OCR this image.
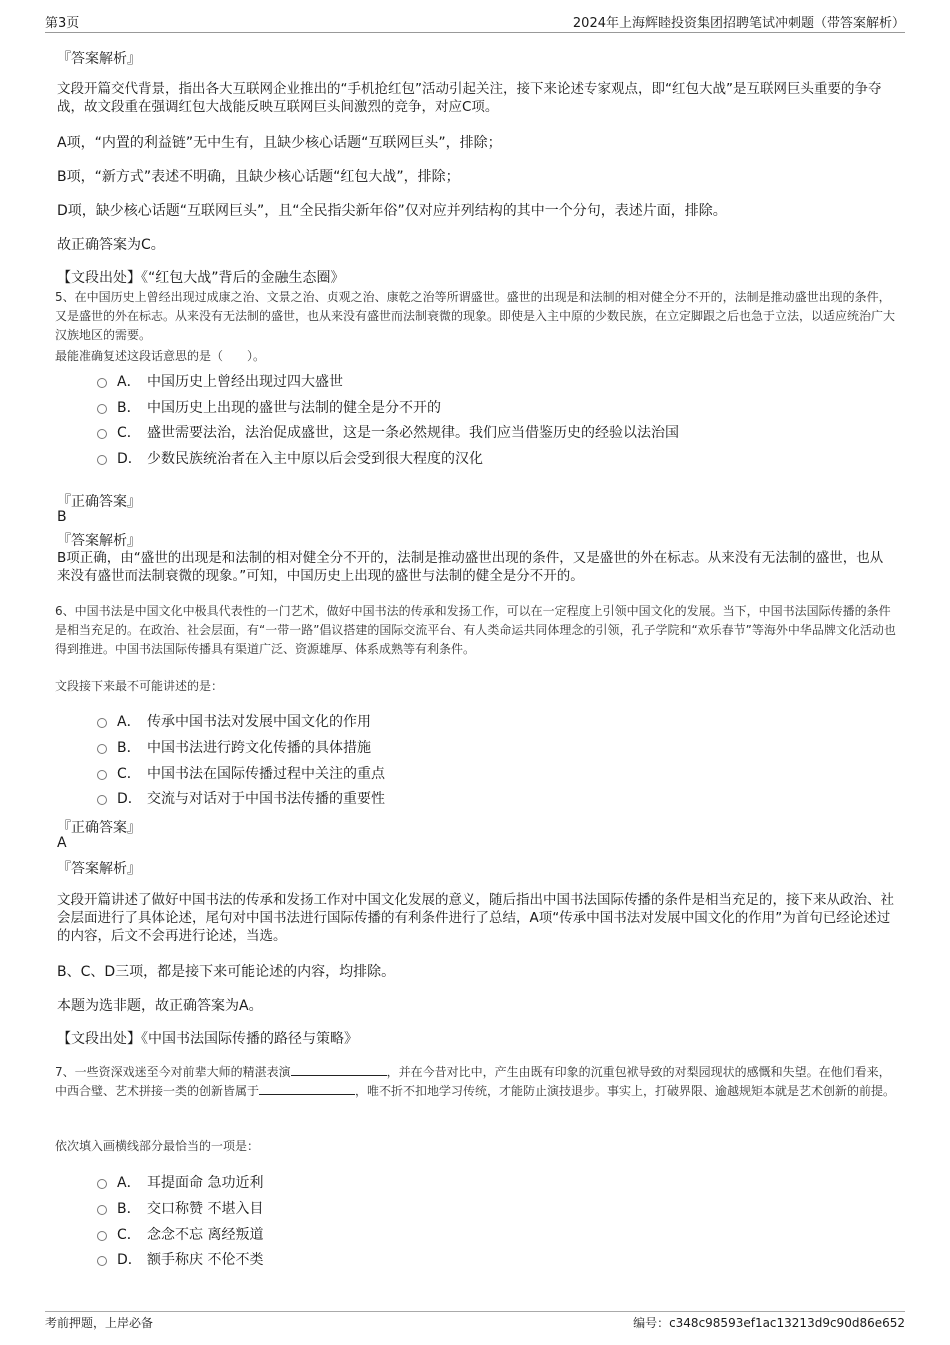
第3页	2024年上海辉睦投资集团招聘笔试冲刺题（带答案解析）
『答案解析』
文段开篇交代背景，指出各大互联网企业推出的“手机抢红包”活动引起关注，接下来论述专家观点，即“红包大战”是互联网巨头重要的争夺战，故文段重在强调红包大战能反映互联网巨头间激烈的竞争，对应C项。
A项，“内置的利益链”无中生有，且缺少核心话题“互联网巨头”，排除；
B项，“新方式”表述不明确，且缺少核心话题“红包大战”，排除；
D项，缺少核心话题“互联网巨头”，且“全民指尖新年俗”仅对应并列结构的其中一个分句，表述片面，排除。
故正确答案为C。
【文段出处】《“红包大战”背后的金融生态圈》
5、在中国历史上曾经出现过成康之治、文景之治、贞观之治、康乾之治等所谓盛世。盛世的出现是和法制的相对健全分不开的，法制是推动盛世出现的条件，又是盛世的外在标志。从来没有无法制的盛世，也从来没有盛世而法制衰微的现象。即使是入主中原的少数民族，在立定脚跟之后也急于立法，以适应统治广大汉族地区的需要。
最能准确复述这段话意思的是（　　）。
A． 中国历史上曾经出现过四大盛世
B． 中国历史上出现的盛世与法制的健全是分不开的
C． 盛世需要法治，法治促成盛世，这是一条必然规律。我们应当借鉴历史的经验以法治国
D． 少数民族统治者在入主中原以后会受到很大程度的汉化
『正确答案』
B
『答案解析』
B项正确，由“盛世的出现是和法制的相对健全分不开的，法制是推动盛世出现的条件，又是盛世的外在标志。从来没有无法制的盛世，也从来没有盛世而法制衰微的现象。”可知，中国历史上出现的盛世与法制的健全是分不开的。
6、中国书法是中国文化中极具代表性的一门艺术，做好中国书法的传承和发扬工作，可以在一定程度上引领中国文化的发展。当下，中国书法国际传播的条件是相当充足的。在政治、社会层面，有“一带一路”倡议搭建的国际交流平台、有人类命运共同体理念的引领，孔子学院和“欢乐春节”等海外中华品牌文化活动也得到推进。中国书法国际传播具有渠道广泛、资源雄厚、体系成熟等有利条件。
文段接下来最不可能讲述的是：
A． 传承中国书法对发展中国文化的作用
B． 中国书法进行跨文化传播的具体措施
C． 中国书法在国际传播过程中关注的重点
D． 交流与对话对于中国书法传播的重要性
『正确答案』
A
『答案解析』
文段开篇讲述了做好中国书法的传承和发扬工作对中国文化发展的意义，随后指出中国书法国际传播的条件是相当充足的，接下来从政治、社会层面进行了具体论述，尾句对中国书法进行国际传播的有利条件进行了总结，A项“传承中国书法对发展中国文化的作用”为首句已经论述过的内容，后文不会再进行论述，当选。
B、C、D三项，都是接下来可能论述的内容，均排除。
本题为选非题，故正确答案为A。
【文段出处】《中国书法国际传播的路径与策略》
7、一些资深戏迷至今对前辈大师的精湛表演	，并在今昔对比中，产生由既有印象的沉重包袱导致的对梨园现状的感慨和失望。在他们看来，中西合璧、艺术拼接一类的创新皆属于	，唯不折不扣地学习传统，才能防止演技退步。事实上，打破界限、逾越规矩本就是艺术创新的前提。
依次填入画横线部分最恰当的一项是：
A． 耳提面命 急功近利
B． 交口称赞 不堪入目
C． 念念不忘 离经叛道
D． 额手称庆 不伦不类
考前押题，上岸必备	编号：c348c98593ef1ac13213d9c90d86e652
